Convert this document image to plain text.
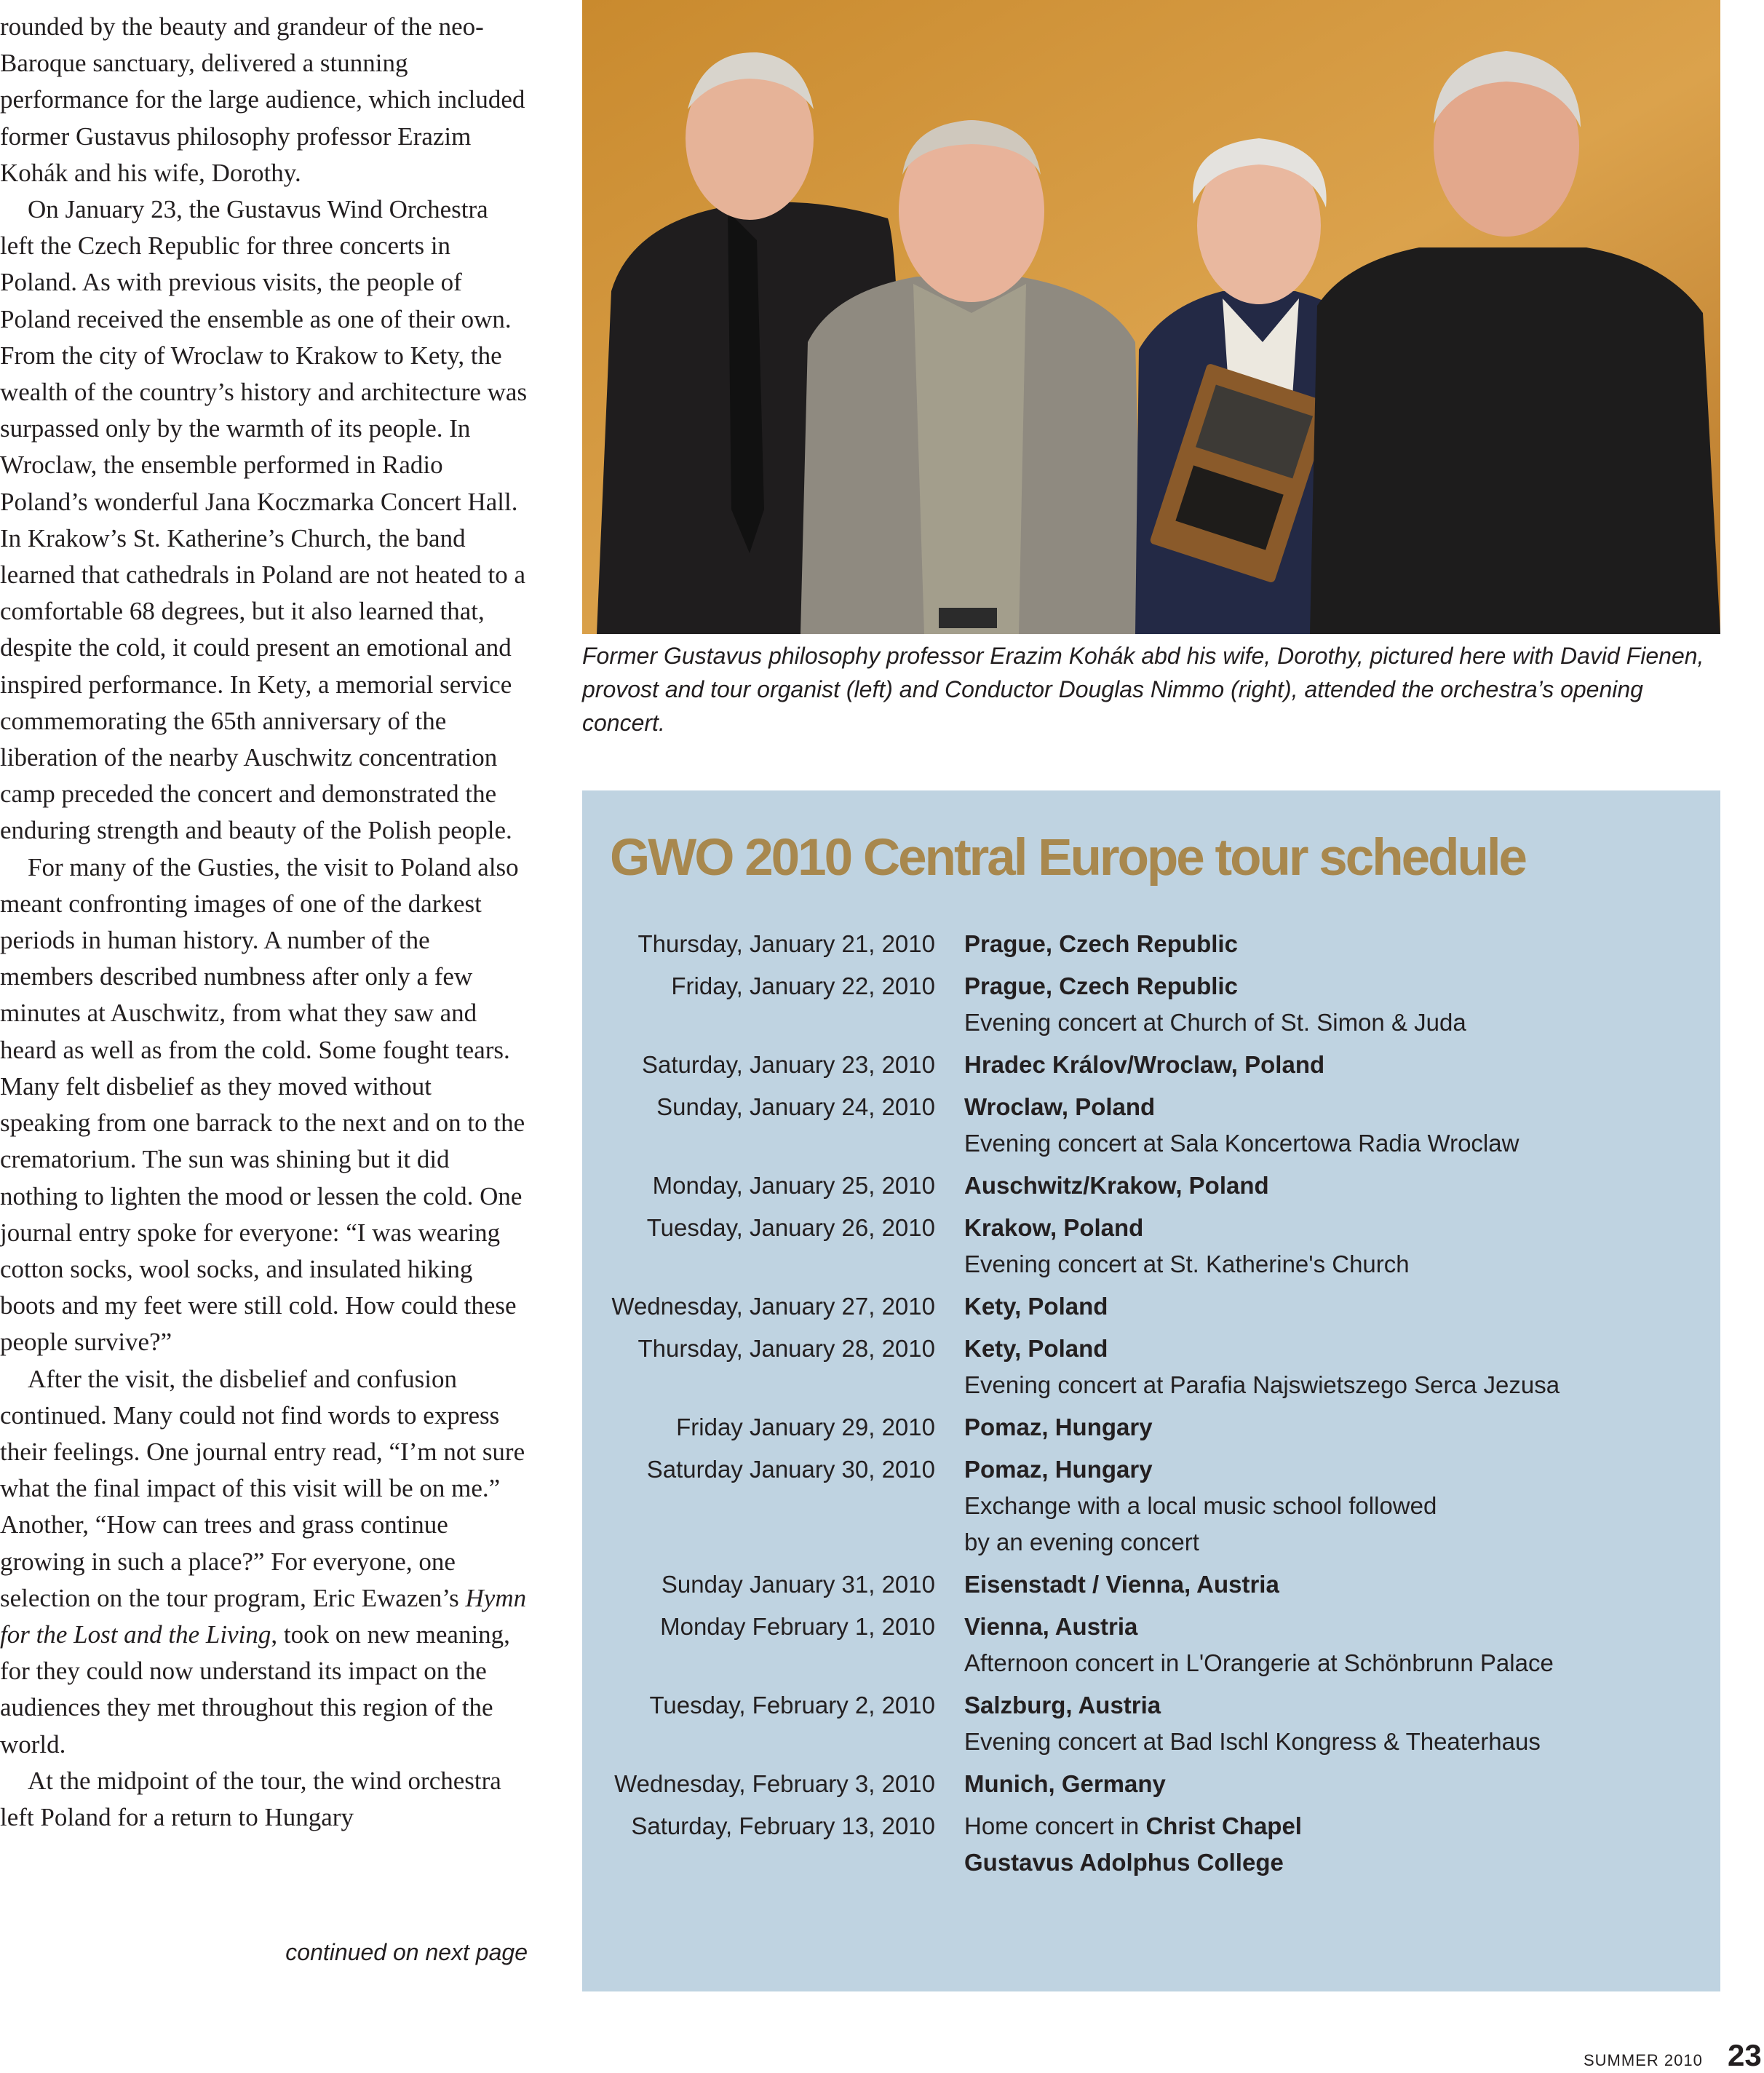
rounded by the beauty and grandeur of the neo-Baroque sanctuary, delivered a stunning performance for the large audience, which included former Gustavus philosophy professor Erazim Kohák and his wife, Dorothy.

On January 23, the Gustavus Wind Orchestra left the Czech Republic for three concerts in Poland. As with previous visits, the people of Poland received the ensemble as one of their own. From the city of Wroclaw to Krakow to Kety, the wealth of the country’s history and architecture was surpassed only by the warmth of its people. In Wroclaw, the ensemble performed in Radio Poland’s wonderful Jana Koczmarka Concert Hall. In Krakow’s St. Katherine’s Church, the band learned that cathedrals in Poland are not heated to a comfortable 68 degrees, but it also learned that, despite the cold, it could present an emotional and inspired performance. In Kety, a memorial service commemorating the 65th anniversary of the liberation of the nearby Auschwitz concentration camp preceded the concert and demonstrated the enduring strength and beauty of the Polish people.

For many of the Gusties, the visit to Poland also meant confronting images of one of the darkest periods in human history. A number of the members described numbness after only a few minutes at Auschwitz, from what they saw and heard as well as from the cold. Some fought tears. Many felt disbelief as they moved without speaking from one barrack to the next and on to the crematorium. The sun was shining but it did nothing to lighten the mood or lessen the cold. One journal entry spoke for everyone: “I was wearing cotton socks, wool socks, and insulated hiking boots and my feet were still cold. How could these people survive?”

After the visit, the disbelief and confusion continued. Many could not find words to express their feelings. One journal entry read, “I’m not sure what the final impact of this visit will be on me.” Another, “How can trees and grass continue growing in such a place?” For everyone, one selection on the tour program, Eric Ewazen’s Hymn for the Lost and the Living, took on new meaning, for they could now understand its impact on the audiences they met throughout this region of the world.

At the midpoint of the tour, the wind orchestra left Poland for a return to Hungary

continued on next page
Former Gustavus philosophy professor Erazim Kohák abd his wife, Dorothy, pictured here with David Fienen, provost and tour organist (left) and Conductor Douglas Nimmo (right), attended the orchestra’s opening concert.
GWO 2010 Central Europe tour schedule
Thursday, January 21, 2010	Prague, Czech Republic
Friday, January 22, 2010	Prague, Czech Republic
Evening concert at Church of St. Simon & Juda
Saturday, January 23, 2010	Hradec Králov/Wroclaw, Poland
Sunday, January 24, 2010	Wroclaw, Poland
Evening concert at Sala Koncertowa Radia Wroclaw
Monday, January 25, 2010	Auschwitz/Krakow, Poland
Tuesday, January 26, 2010	Krakow, Poland
Evening concert at St. Katherine's Church
Wednesday, January 27, 2010	Kety, Poland
Thursday, January 28, 2010	Kety, Poland
Evening concert at Parafia Najswietszego Serca Jezusa
Friday January 29, 2010	Pomaz, Hungary
Saturday January 30, 2010	Pomaz, Hungary
Exchange with a local music school followed
by an evening concert
Sunday January 31, 2010	Eisenstadt / Vienna, Austria
Monday February 1, 2010	Vienna, Austria
Afternoon concert in L'Orangerie at Schönbrunn Palace
Tuesday, February 2, 2010	Salzburg, Austria
Evening concert at Bad Ischl Kongress & Theaterhaus
Wednesday, February 3, 2010	Munich, Germany
Saturday, February 13, 2010	Home concert in Christ Chapel
Gustavus Adolphus College
SUMMER 2010 23
